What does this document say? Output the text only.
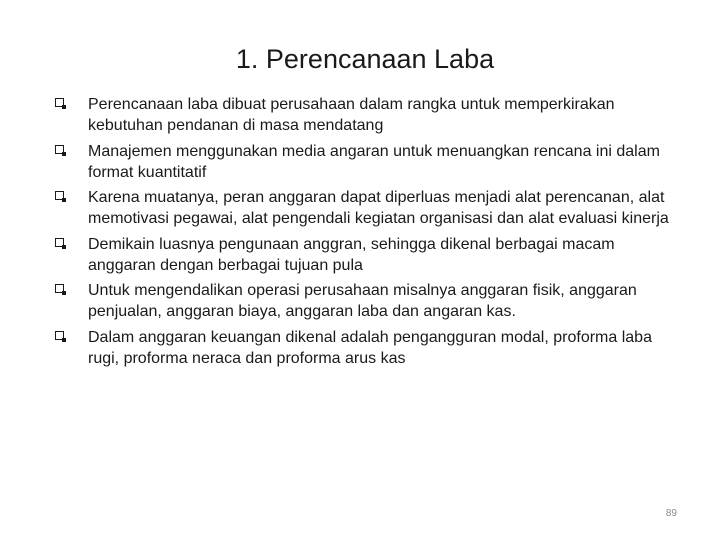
1. Perencanaan Laba
Perencanaan laba dibuat perusahaan dalam rangka untuk memperkirakan kebutuhan pendanan di masa mendatang
Manajemen menggunakan media angaran untuk menuangkan rencana ini dalam format kuantitatif
Karena muatanya, peran anggaran dapat diperluas menjadi alat perencanan, alat memotivasi pegawai, alat pengendali kegiatan organisasi dan alat evaluasi kinerja
Demikain luasnya pengunaan anggran, sehingga dikenal berbagai macam anggaran dengan berbagai tujuan pula
Untuk mengendalikan operasi perusahaan misalnya anggaran fisik, anggaran penjualan, anggaran biaya, anggaran laba dan angaran kas.
Dalam anggaran keuangan dikenal adalah pengangguran modal, proforma laba rugi, proforma neraca dan proforma arus kas
89
